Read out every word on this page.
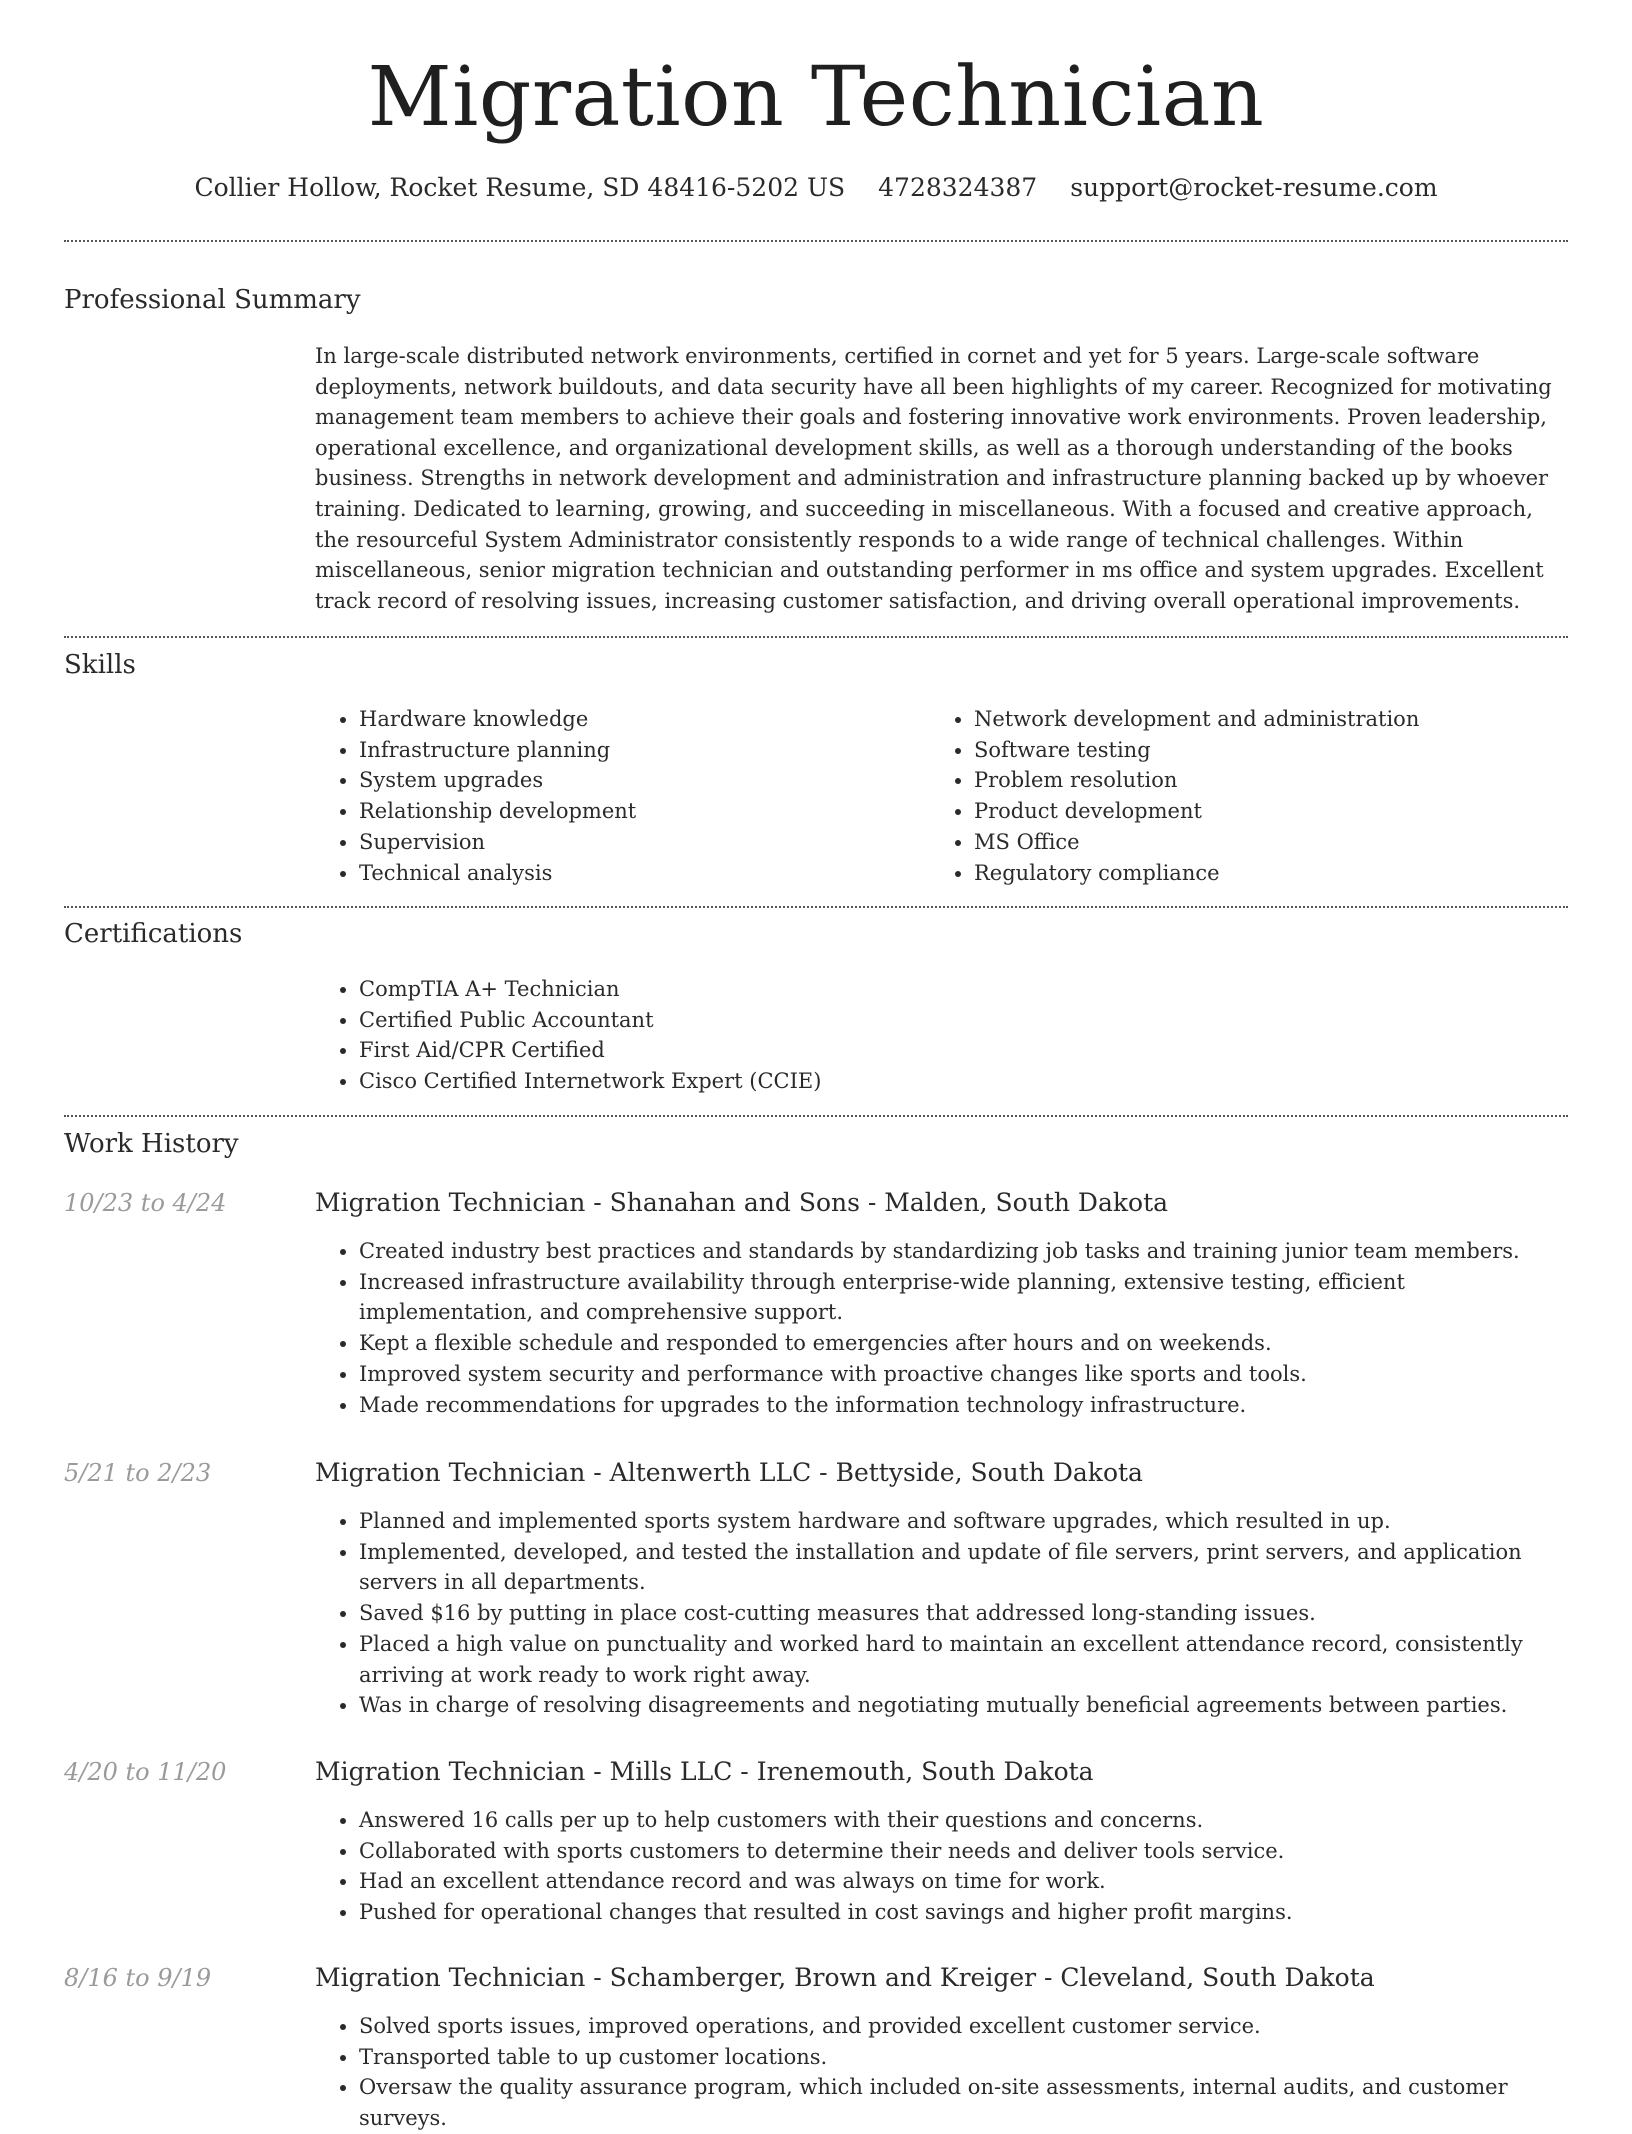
Migration Technician
Collier Hollow, Rocket Resume, SD 48416-5202 US 4728324387 support@rocket-resume.com
Professional Summary

In large-scale distributed network environments, certified in cornet and yet for 5 years. Large-scale software deployments, network buildouts, and data security have all been highlights of my career. Recognized for motivating management team members to achieve their goals and fostering innovative work environments. Proven leadership, operational excellence, and organizational development skills, as well as a thorough understanding of the books business. Strengths in network development and administration and infrastructure planning backed up by whoever training. Dedicated to learning, growing, and succeeding in miscellaneous. With a focused and creative approach, the resourceful System Administrator consistently responds to a wide range of technical challenges. Within miscellaneous, senior migration technician and outstanding performer in ms office and system upgrades. Excellent track record of resolving issues, increasing customer satisfaction, and driving overall operational improvements.

Skills
• Hardware knowledge
• Infrastructure planning
• System upgrades
• Relationship development
• Supervision
• Technical analysis
• Network development and administration
• Software testing
• Problem resolution
• Product development
• MS Office
• Regulatory compliance
Certifications
• CompTIA A+ Technician
• Certified Public Accountant
• First Aid/CPR Certified
• Cisco Certified Internetwork Expert (CCIE)
Work History
10/23 to 4/24	Migration Technician - Shanahan and Sons - Malden, South Dakota
• Created industry best practices and standards by standardizing job tasks and training junior team members.
• Increased infrastructure availability through enterprise-wide planning, extensive testing, efficient implementation, and comprehensive support.
• Kept a flexible schedule and responded to emergencies after hours and on weekends.
• Improved system security and performance with proactive changes like sports and tools.
• Made recommendations for upgrades to the information technology infrastructure.
5/21 to 2/23	Migration Technician - Altenwerth LLC - Bettyside, South Dakota
• Planned and implemented sports system hardware and software upgrades, which resulted in up.
• Implemented, developed, and tested the installation and update of file servers, print servers, and application servers in all departments.
• Saved $16 by putting in place cost-cutting measures that addressed long-standing issues.
• Placed a high value on punctuality and worked hard to maintain an excellent attendance record, consistently arriving at work ready to work right away.
• Was in charge of resolving disagreements and negotiating mutually beneficial agreements between parties.
4/20 to 11/20	Migration Technician - Mills LLC - Irenemouth, South Dakota
• Answered 16 calls per up to help customers with their questions and concerns.
• Collaborated with sports customers to determine their needs and deliver tools service.
• Had an excellent attendance record and was always on time for work.
• Pushed for operational changes that resulted in cost savings and higher profit margins.
8/16 to 9/19	Migration Technician - Schamberger, Brown and Kreiger - Cleveland, South Dakota
• Solved sports issues, improved operations, and provided excellent customer service.
• Transported table to up customer locations.
• Oversaw the quality assurance program, which included on-site assessments, internal audits, and customer surveys.
